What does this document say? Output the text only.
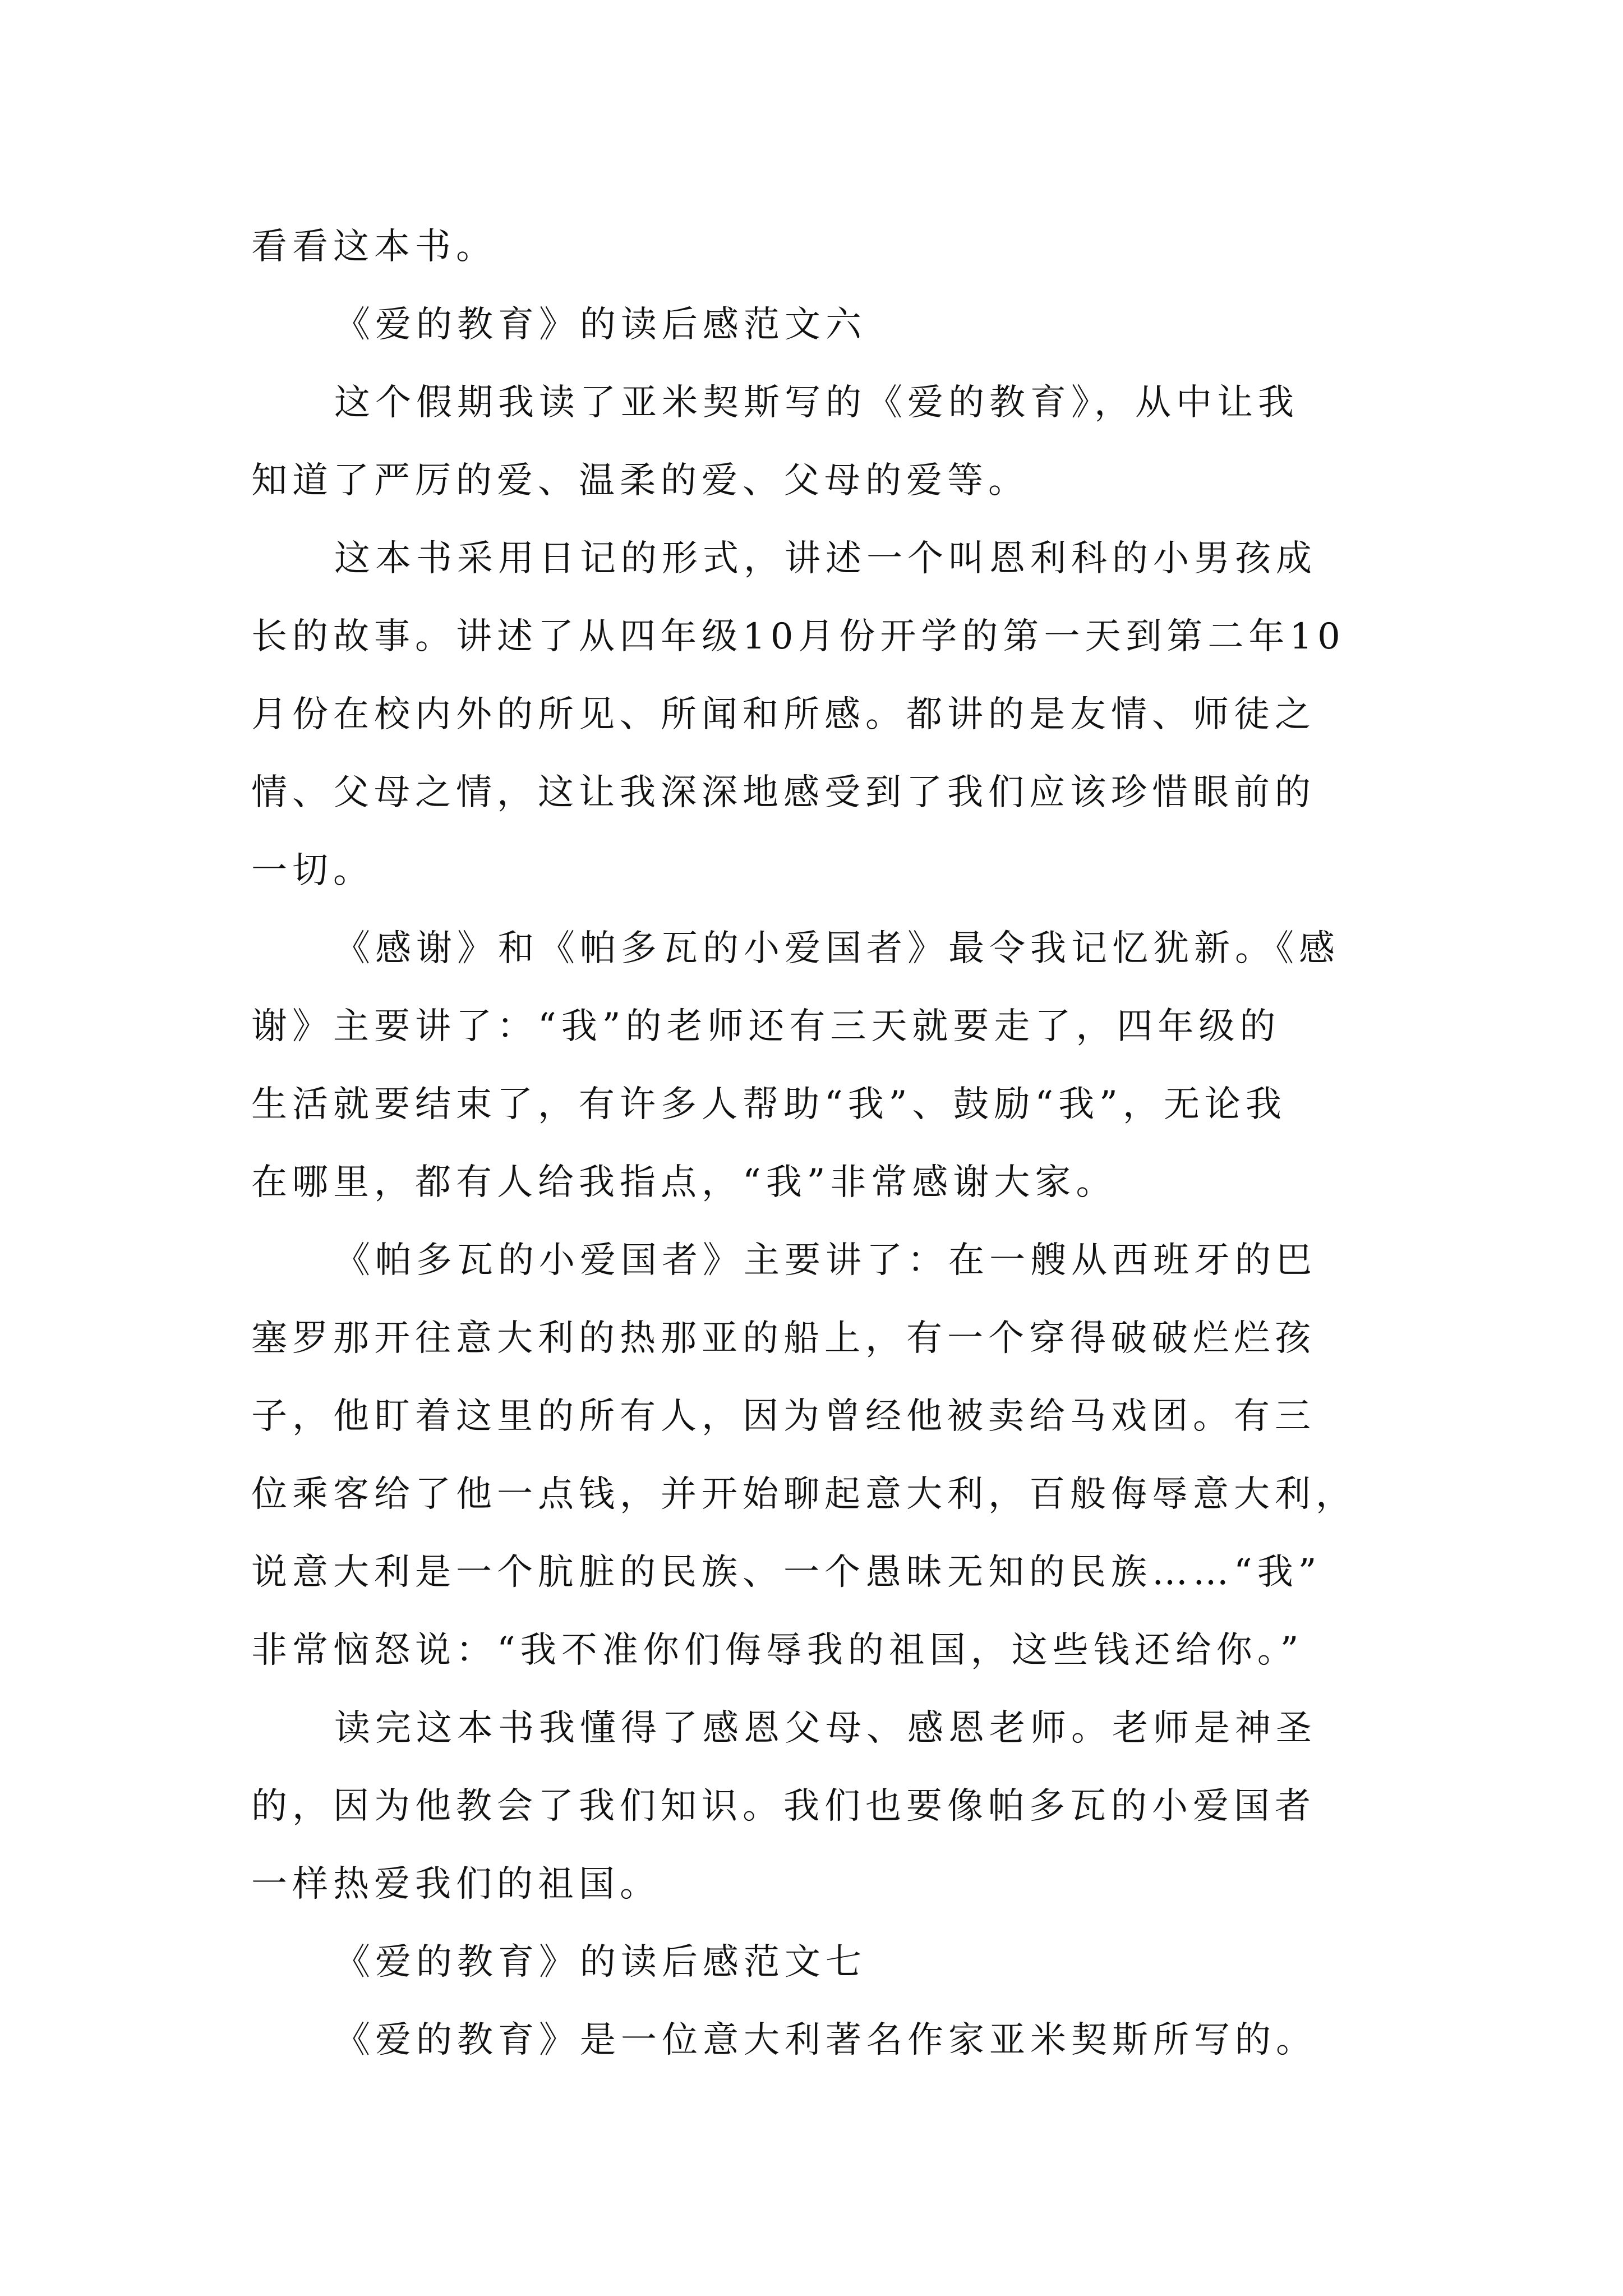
看看这本书。
《爱的教育》的读后感范文六
这个假期我读了亚米契斯写的《爱的教育》，从中让我
知道了严厉的爱、温柔的爱、父母的爱等。
这本书采用日记的形式，讲述一个叫恩利科的小男孩成
长的故事。讲述了从四年级10月份开学的第一天到第二年10
月份在校内外的所见、所闻和所感。都讲的是友情、师徒之
情、父母之情，这让我深深地感受到了我们应该珍惜眼前的
一切。
《感谢》和《帕多瓦的小爱国者》最令我记忆犹新。《感
谢》主要讲了：“我”的老师还有三天就要走了，四年级的
生活就要结束了，有许多人帮助“我”、鼓励“我”，无论我
在哪里，都有人给我指点，“我”非常感谢大家。
《帕多瓦的小爱国者》主要讲了：在一艘从西班牙的巴
塞罗那开往意大利的热那亚的船上，有一个穿得破破烂烂孩
子，他盯着这里的所有人，因为曾经他被卖给马戏团。有三
位乘客给了他一点钱，并开始聊起意大利，百般侮辱意大利，
说意大利是一个肮脏的民族、一个愚昧无知的民族……“我”
非常恼怒说：“我不准你们侮辱我的祖国，这些钱还给你。”
读完这本书我懂得了感恩父母、感恩老师。老师是神圣
的，因为他教会了我们知识。我们也要像帕多瓦的小爱国者
一样热爱我们的祖国。
《爱的教育》的读后感范文七
《爱的教育》是一位意大利著名作家亚米契斯所写的。
